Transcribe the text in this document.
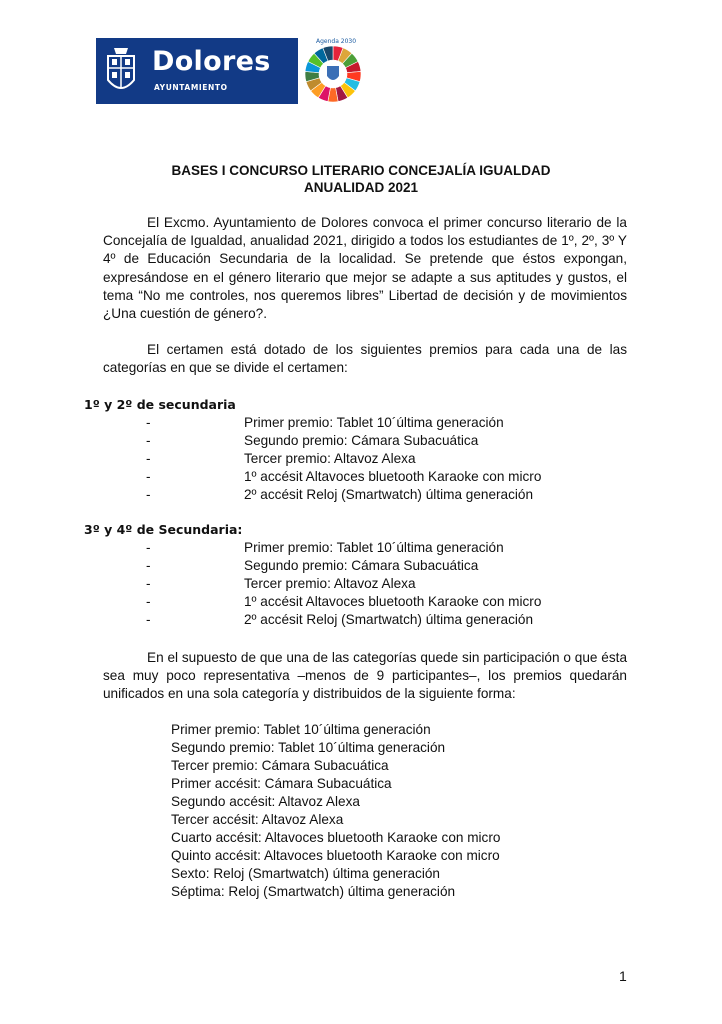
Dolores
AYUNTAMIENTO
Agenda 2030
BASES I CONCURSO LITERARIO CONCEJALÍA IGUALDAD
ANUALIDAD 2021
El Excmo. Ayuntamiento de Dolores convoca el primer concurso literario de la Concejalía de Igualdad, anualidad 2021, dirigido a todos los estudiantes de 1º, 2º, 3º Y 4º de Educación Secundaria de la localidad. Se pretende que éstos expongan, expresándose en el género literario que mejor se adapte a sus aptitudes y gustos, el tema “No me controles, nos queremos libres” Libertad de decisión y de movimientos ¿Una cuestión de género?.
El certamen está dotado de los siguientes premios para cada una de las categorías en que se divide el certamen:
1º y 2º de secundaria
-	Primer premio: Tablet 10´última generación
-	Segundo premio: Cámara Subacuática
-	Tercer premio: Altavoz Alexa
-	1º accésit Altavoces bluetooth Karaoke con micro
-	2º accésit Reloj (Smartwatch) última generación
3º y 4º de Secundaria:
-	Primer premio: Tablet 10´última generación
-	Segundo premio: Cámara Subacuática
-	Tercer premio: Altavoz Alexa
-	1º accésit Altavoces bluetooth Karaoke con micro
-	2º accésit Reloj (Smartwatch) última generación
En el supuesto de que una de las categorías quede sin participación o que ésta sea muy poco representativa –menos de 9 participantes–, los premios quedarán unificados en una sola categoría y distribuidos de la siguiente forma:
Primer premio: Tablet 10´última generación
Segundo premio: Tablet 10´última generación
Tercer premio: Cámara Subacuática
Primer accésit: Cámara Subacuática
Segundo accésit: Altavoz Alexa
Tercer accésit: Altavoz Alexa
Cuarto accésit: Altavoces bluetooth Karaoke con micro
Quinto accésit: Altavoces bluetooth Karaoke con micro
Sexto: Reloj (Smartwatch) última generación
Séptima: Reloj (Smartwatch) última generación
1
